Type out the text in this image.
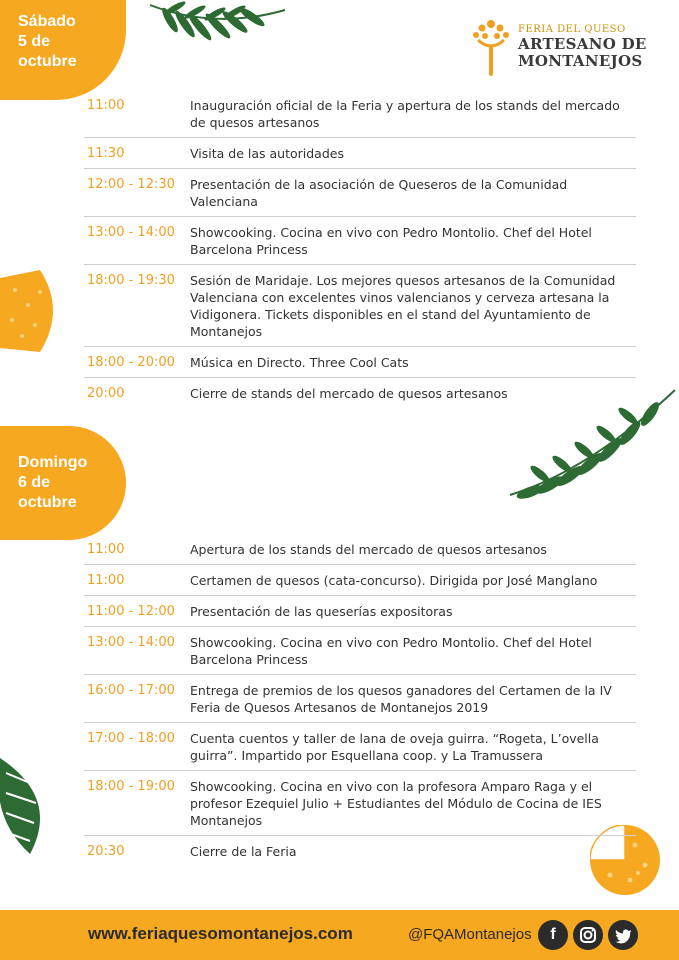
Sábado
5 de
octubre
FERIA DEL QUESO
ARTESANO DE
MONTANEJOS
11:00	Inauguración oficial de la Feria y apertura de los stands del mercado de quesos artesanos
11:30	Visita de las autoridades
12:00 - 12:30	Presentación de la asociación de Queseros de la Comunidad Valenciana
13:00 - 14:00	Showcooking. Cocina en vivo con Pedro Montolio. Chef del Hotel Barcelona Princess
18:00 - 19:30	Sesión de Maridaje. Los mejores quesos artesanos de la Comunidad Valenciana con excelentes vinos valencianos y cerveza artesana la Vidigonera. Tickets disponibles en el stand del Ayuntamiento de Montanejos
18:00 - 20:00	Música en Directo. Three Cool Cats
20:00	Cierre de stands del mercado de quesos artesanos
Domingo
6 de
octubre
11:00	Apertura de los stands del mercado de quesos artesanos
11:00	Certamen de quesos (cata-concurso). Dirigida por José Manglano
11:00 - 12:00	Presentación de las queserías expositoras
13:00 - 14:00	Showcooking. Cocina en vivo con Pedro Montolio. Chef del Hotel Barcelona Princess
16:00 - 17:00	Entrega de premios de los quesos ganadores del Certamen de la IV Feria de Quesos Artesanos de Montanejos 2019
17:00 - 18:00	Cuenta cuentos y taller de lana de oveja guirra. “Rogeta, L’ovella guirra”. Impartido por Esquellana coop. y La Tramussera
18:00 - 19:00	Showcooking. Cocina en vivo con la profesora Amparo Raga y el profesor Ezequiel Julio + Estudiantes del Módulo de Cocina de IES Montanejos
20:30	Cierre de la Feria
www.feriaquesomontanejos.com	@FQAMontanejos	f
